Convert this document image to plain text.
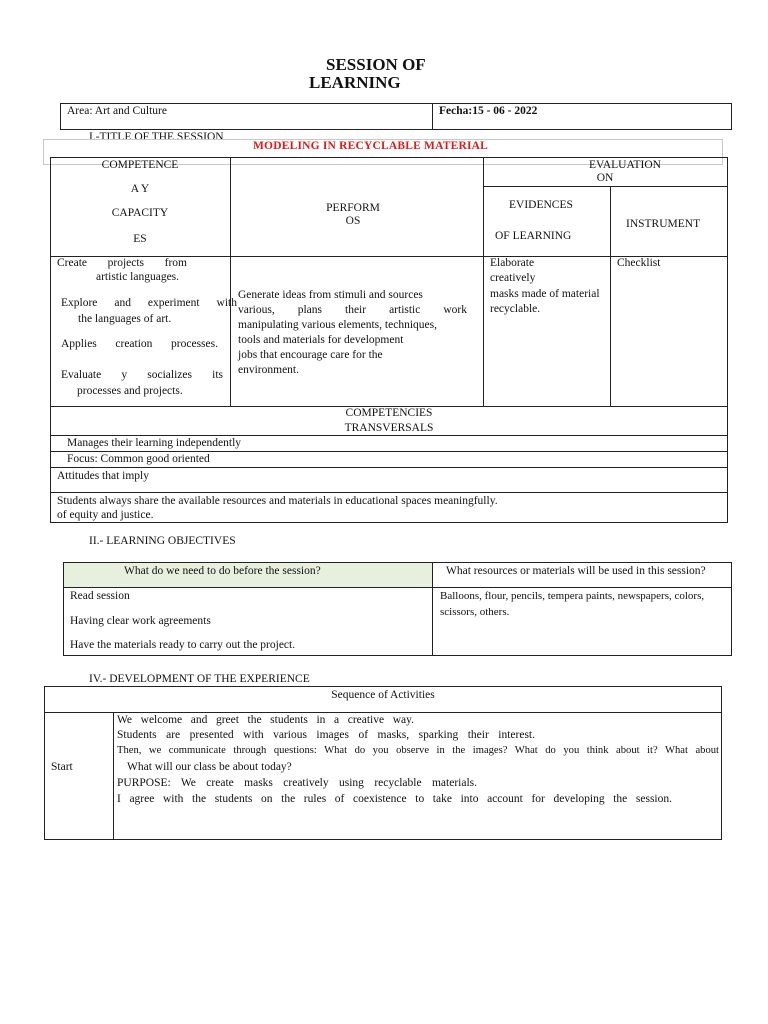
SESSION OF
LEARNING
Area: Art and Culture	Fecha:15 - 06 - 2022
I.-TITLE OF THE SESSION
MODELING IN RECYCLABLE MATERIAL
COMPETENCE
A Y
CAPACITY
ES
PERFORM
OS
EVALUATION
ON
EVIDENCES
OF LEARNING
INSTRUMENT
Create projects from
artistic languages.
Explore and experiment with
the languages of art.
Applies creation processes.
Evaluate y socializes its
processes and projects.
Generate ideas from stimuli and sources
various, plans their artistic work
manipulating various elements, techniques,
tools and materials for development
jobs that encourage care for the
environment.
Elaborate
creatively
masks made of material
recyclable.
Checklist
COMPETENCIES
TRANSVERSALS
Manages their learning independently
Focus: Common good oriented
Attitudes that imply
Students always share the available resources and materials in educational spaces meaningfully.
of equity and justice.
II.- LEARNING OBJECTIVES
What do we need to do before the session?	What resources or materials will be used in this session?
Read session
Having clear work agreements
Have the materials ready to carry out the project.
Balloons, flour, pencils, tempera paints, newspapers, colors,
scissors, others.
IV.- DEVELOPMENT OF THE EXPERIENCE
Sequence of Activities
Start
We welcome and greet the students in a creative way.
Students are presented with various images of masks, sparking their interest.
Then, we communicate through questions: What do you observe in the images? What do you think about it? What about
What will our class be about today?
PURPOSE: We create masks creatively using recyclable materials.
I agree with the students on the rules of coexistence to take into account for developing the session.
